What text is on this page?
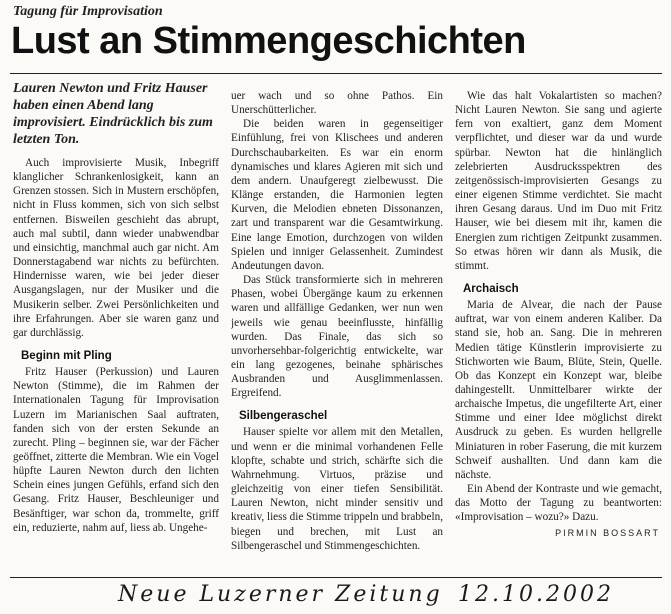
Tagung für Improvisation
Lust an Stimmengeschichten
Lauren Newton und Fritz Hauser haben einen Abend lang improvisiert. Eindrücklich bis zum letzten Ton.

Auch improvisierte Musik, Inbegriff klanglicher Schrankenlosigkeit, kann an Grenzen stossen. Sich in Mustern erschöpfen, nicht in Fluss kommen, sich von sich selbst entfernen. Bisweilen geschieht das abrupt, auch mal subtil, dann wieder unabwendbar und einsichtig, manchmal auch gar nicht. Am Donnerstagabend war nichts zu befürchten. Hindernisse waren, wie bei jeder dieser Ausgangslagen, nur der Musiker und die Musikerin selber. Zwei Persönlichkeiten und ihre Erfahrungen. Aber sie waren ganz und gar durchlässig.

Beginn mit Pling

Fritz Hauser (Perkussion) und Lauren Newton (Stimme), die im Rahmen der Internationalen Tagung für Improvisation Luzern im Marianischen Saal auftraten, fanden sich von der ersten Sekunde an zurecht. Pling – beginnen sie, war der Fächer geöffnet, zitterte die Membran. Wie ein Vogel hüpfte Lauren Newton durch den lichten Schein eines jungen Gefühls, erfand sich den Gesang. Fritz Hauser, Beschleuniger und Besänftiger, war schon da, trommelte, griff ein, reduzierte, nahm auf, liess ab. Ungehe-

uer wach und so ohne Pathos. Ein Unerschütterlicher.

Die beiden waren in gegenseitiger Einfühlung, frei von Klischees und anderen Durchschaubarkeiten. Es war ein enorm dynamisches und klares Agieren mit sich und dem andern. Unaufgeregt zielbewusst. Die Klänge erstanden, die Harmonien legten Kurven, die Melodien ebneten Dissonanzen, zart und transparent war die Gesamtwirkung. Eine lange Emotion, durchzogen von wilden Spielen und inniger Gelassenheit. Zumindest Andeutungen davon.

Das Stück transformierte sich in mehreren Phasen, wobei Übergänge kaum zu erkennen waren und allfällige Gedanken, wer nun wen jeweils wie genau beeinflusste, hinfällig wurden. Das Finale, das sich so unvorhersehbar-folgerichtig entwickelte, war ein lang gezogenes, beinahe sphärisches Ausbranden und Ausglimmenlassen. Ergreifend.

Silbengeraschel

Hauser spielte vor allem mit den Metallen, und wenn er die minimal vorhandenen Felle klopfte, schabte und strich, schärfte sich die Wahrnehmung. Virtuos, präzise und gleichzeitig von einer tiefen Sensibilität. Lauren Newton, nicht minder sensitiv und kreativ, liess die Stimme trippeln und brabbeln, biegen und brechen, mit Lust an Silbengeraschel und Stimmengeschichten.

Wie das halt Vokalartisten so machen? Nicht Lauren Newton. Sie sang und agierte fern von exaltiert, ganz dem Moment verpflichtet, und dieser war da und wurde spürbar. Newton hat die hinlänglich zelebrierten Ausdrucksspektren des zeitgenössisch-improvisierten Gesangs zu einer eigenen Stimme verdichtet. Sie macht ihren Gesang daraus. Und im Duo mit Fritz Hauser, wie bei diesem mit ihr, kamen die Energien zum richtigen Zeitpunkt zusammen. So etwas hören wir dann als Musik, die stimmt.

Archaisch

Maria de Alvear, die nach der Pause auftrat, war von einem anderen Kaliber. Da stand sie, hob an. Sang. Die in mehreren Medien tätige Künstlerin improvisierte zu Stichworten wie Baum, Blüte, Stein, Quelle. Ob das Konzept ein Konzept war, bleibe dahingestellt. Unmittelbarer wirkte der archaische Impetus, die ungefilterte Art, einer Stimme und einer Idee möglichst direkt Ausdruck zu geben. Es wurden hellgrelle Miniaturen in rober Faserung, die mit kurzem Schweif aushallten. Und dann kam die nächste.

Ein Abend der Kontraste und wie gemacht, das Motto der Tagung zu beantworten: «Improvisation – wozu?» Dazu.

PIRMIN BOSSART
Neue Luzerner Zeitung 12.10.2002
